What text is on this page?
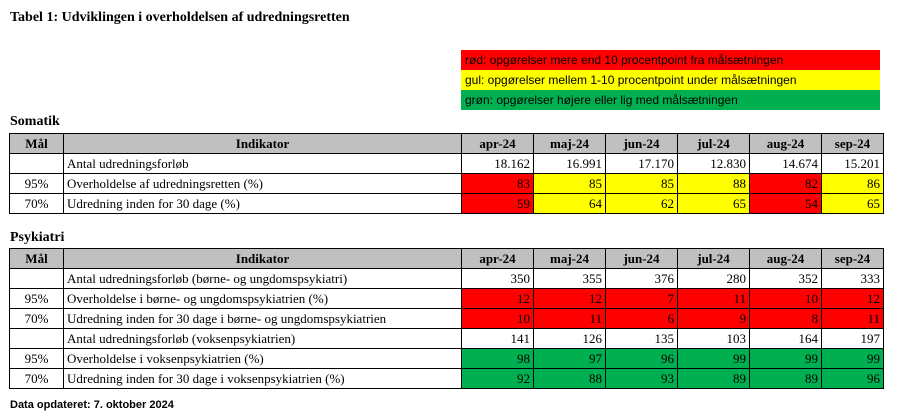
Tabel 1: Udviklingen i overholdelsen af udredningsretten
rød: opgørelser mere end 10 procentpoint fra målsætningen
gul: opgørelser mellem 1-10 procentpoint under målsætningen
grøn: opgørelser højere eller lig med målsætningen
Somatik
Mål	Indikator	apr-24	maj-24	jun-24	jul-24	aug-24	sep-24
	Antal udredningsforløb	18.162	16.991	17.170	12.830	14.674	15.201
95%	Overholdelse af udredningsretten (%)	83	85	85	88	82	86
70%	Udredning inden for 30 dage (%)	59	64	62	65	54	65
Psykiatri
Mål	Indikator	apr-24	maj-24	jun-24	jul-24	aug-24	sep-24
	Antal udredningsforløb (børne- og ungdomspsykiatri)	350	355	376	280	352	333
95%	Overholdelse i børne- og ungdomspsykiatrien (%)	12	12	7	11	10	12
70%	Udredning inden for 30 dage i børne- og ungdomspsykiatrien	10	11	6	9	8	11
	Antal udredningsforløb (voksenpsykiatrien)	141	126	135	103	164	197
95%	Overholdelse i voksenpsykiatrien (%)	98	97	96	99	99	99
70%	Udredning inden for 30 dage i voksenpsykiatrien (%)	92	88	93	89	89	96
Data opdateret: 7. oktober 2024
